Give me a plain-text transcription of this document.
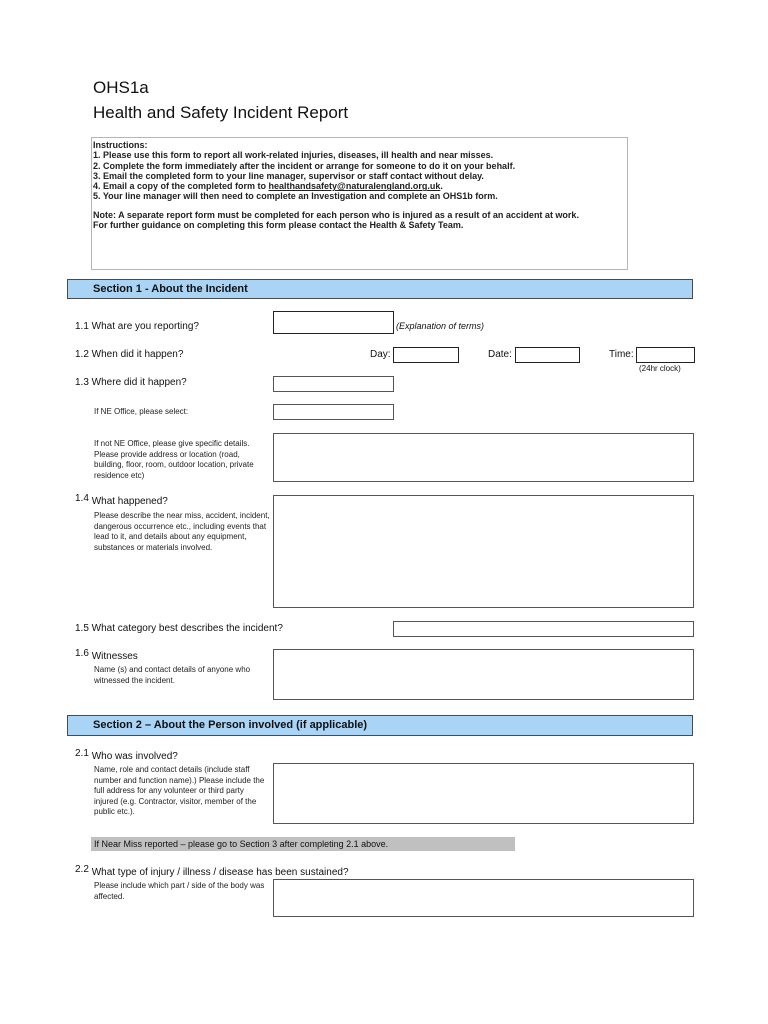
OHS1a
Health and Safety Incident Report
Instructions:
1. Please use this form to report all work-related injuries, diseases, ill health and near misses.
2. Complete the form immediately after the incident or arrange for someone to do it on your behalf.
3. Email the completed form to your line manager, supervisor or staff contact without delay.
4. Email a copy of the completed form to healthandsafety@naturalengland.org.uk.
5. Your line manager will then need to complete an Investigation and complete an OHS1b form.
Note: A separate report form must be completed for each person who is injured as a result of an accident at work.
For further guidance on completing this form please contact the Health & Safety Team.
Section 1 - About the Incident
1.1 What are you reporting?	(Explanation of terms)
1.2 When did it happen?	Day:	Date:	Time:
(24hr clock)
1.3 Where did it happen?
If NE Office, please select:
If not NE Office, please give specific details. Please provide address or location (road, building, floor, room, outdoor location, private residence etc)
$^{1.4}$ What happened?
Please describe the near miss, accident, incident, dangerous occurrence etc., including events that lead to it, and details about any equipment, substances or materials involved.
1.5 What category best describes the incident?
$^{1.6}$ Witnesses
Name (s) and contact details of anyone who witnessed the incident.
Section 2 – About the Person involved (if applicable)
$^{2.1}$ Who was involved?
Name, role and contact details (include staff number and function name).) Please include the full address for any volunteer or third party injured (e.g. Contractor, visitor, member of the public etc.).
If Near Miss reported – please go to Section 3 after completing 2.1 above.
$^{2.2}$ What type of injury / illness / disease has been sustained?
Please include which part / side of the body was affected.
